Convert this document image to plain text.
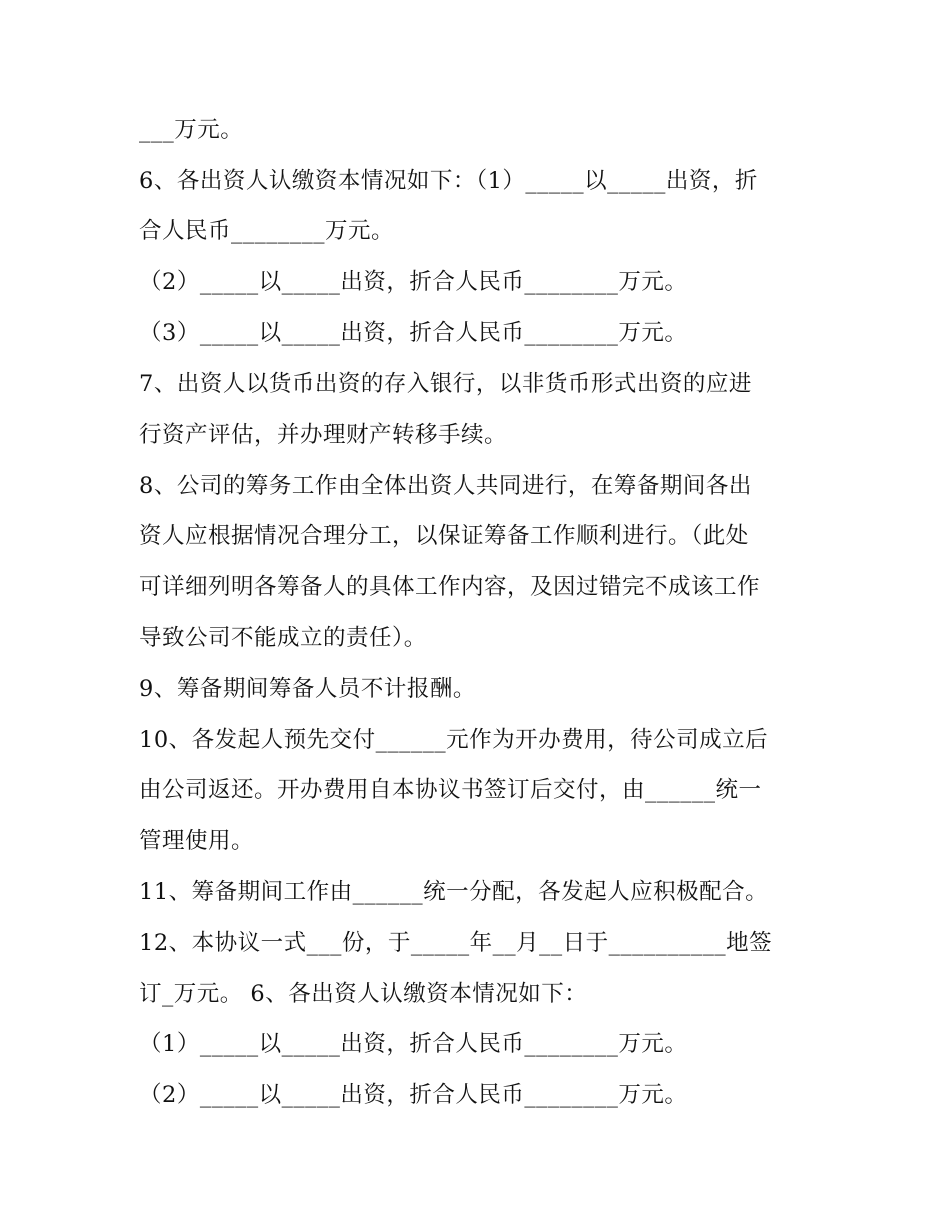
___万元。
6、各出资人认缴资本情况如下：（1）_____以_____出资，折
合人民币________万元。
（2）_____以_____出资，折合人民币________万元。
（3）_____以_____出资，折合人民币________万元。
7、出资人以货币出资的存入银行，以非货币形式出资的应进
行资产评估，并办理财产转移手续。
8、公司的筹务工作由全体出资人共同进行，在筹备期间各出
资人应根据情况合理分工，以保证筹备工作顺利进行。（此处
可详细列明各筹备人的具体工作内容，及因过错完不成该工作
导致公司不能成立的责任）。
9、筹备期间筹备人员不计报酬。
10、各发起人预先交付______元作为开办费用，待公司成立后
由公司返还。开办费用自本协议书签订后交付，由______统一
管理使用。
11、筹备期间工作由______统一分配，各发起人应积极配合。
12、本协议一式___份，于_____年__月__日于__________地签
订_万元。 6、各出资人认缴资本情况如下：
（1）_____以_____出资，折合人民币________万元。
（2）_____以_____出资，折合人民币________万元。
